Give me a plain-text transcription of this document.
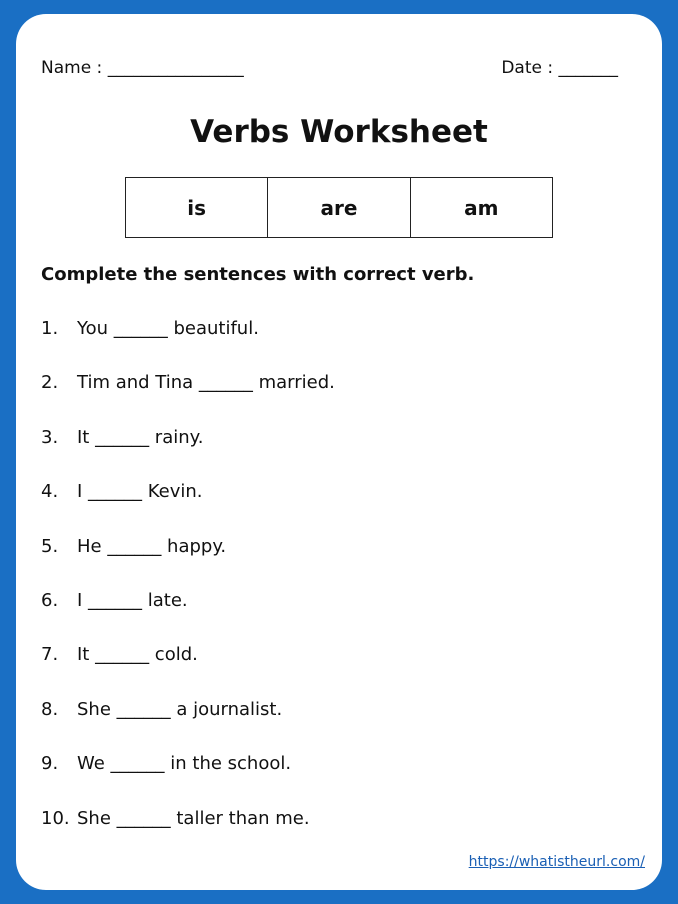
Name : ________________	Date : _______
Verbs Worksheet
is	are	am

Complete the sentences with correct verb.

1.	You ______ beautiful.
2.	Tim and Tina ______ married.
3.	It ______ rainy.
4.	I ______ Kevin.
5.	He ______ happy.
6.	I ______ late.
7.	It ______ cold.
8.	She ______ a journalist.
9.	We ______ in the school.
10. She ______ taller than me.
https://whatistheurl.com/
